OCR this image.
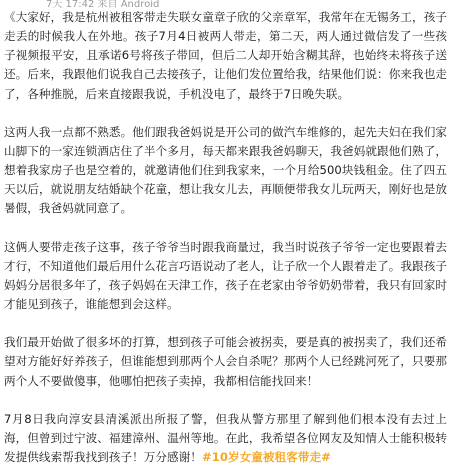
7天 17:42 来自 Android

《大家好，我是杭州被租客带走失联女童章子欣的父亲章军，我常年在无锡务工，孩子走丢的时候我人在外地。孩子7月4日被两人带走，第二天，两人通过微信发了一些孩子视频报平安，且承诺6号将孩子带回，但后二人却开始含糊其辞，也始终未将孩子送还。后来，我跟他们说我自己去接孩子，让他们发位置给我，结果他们说：你来我也走了，各种推脱，后来直接跟我说，手机没电了，最终于7日晚失联。

这两人我一点都不熟悉。他们跟我爸妈说是开公司的做汽车维修的，起先夫妇在我们家山脚下的一家连锁酒店住了半个多月，每天都来跟我爸妈聊天，我爸妈就跟他们熟了，想着我家房子也是空着的，就邀请他们住到我家来，一个月给500块钱租金。住了四五天以后，就说朋友结婚缺个花童，想让我女儿去，再顺便带我女儿玩两天，刚好也是放暑假，我爸妈就同意了。

这俩人要带走孩子这事，孩子爷爷当时跟我商量过，我当时说孩子爷爷一定也要跟着去才行，不知道他们最后用什么花言巧语说动了老人，让子欣一个人跟着走了。我跟孩子妈妈分居很多年了，孩子妈妈在天津工作，孩子在老家由爷爷奶奶带着，我只有回家时才能见到孩子，谁能想到会这样。

我们最开始做了很多坏的打算，想到孩子可能会被拐卖，要是真的被拐卖了，我们还希望对方能好好养孩子，但谁能想到那两个人会自杀呢？那两个人已经跳河死了，只要那两个人不要做傻事，他哪怕把孩子卖掉，我都相信能找回来！

7月8日我向淳安县清溪派出所报了警，但我从警方那里了解到他们根本没有去过上海，但曾到过宁波、福建漳州、温州等地。在此，我希望各位网友及知情人士能积极转发提供线索帮我找到孩子！万分感谢！#10岁女童被租客带走#
